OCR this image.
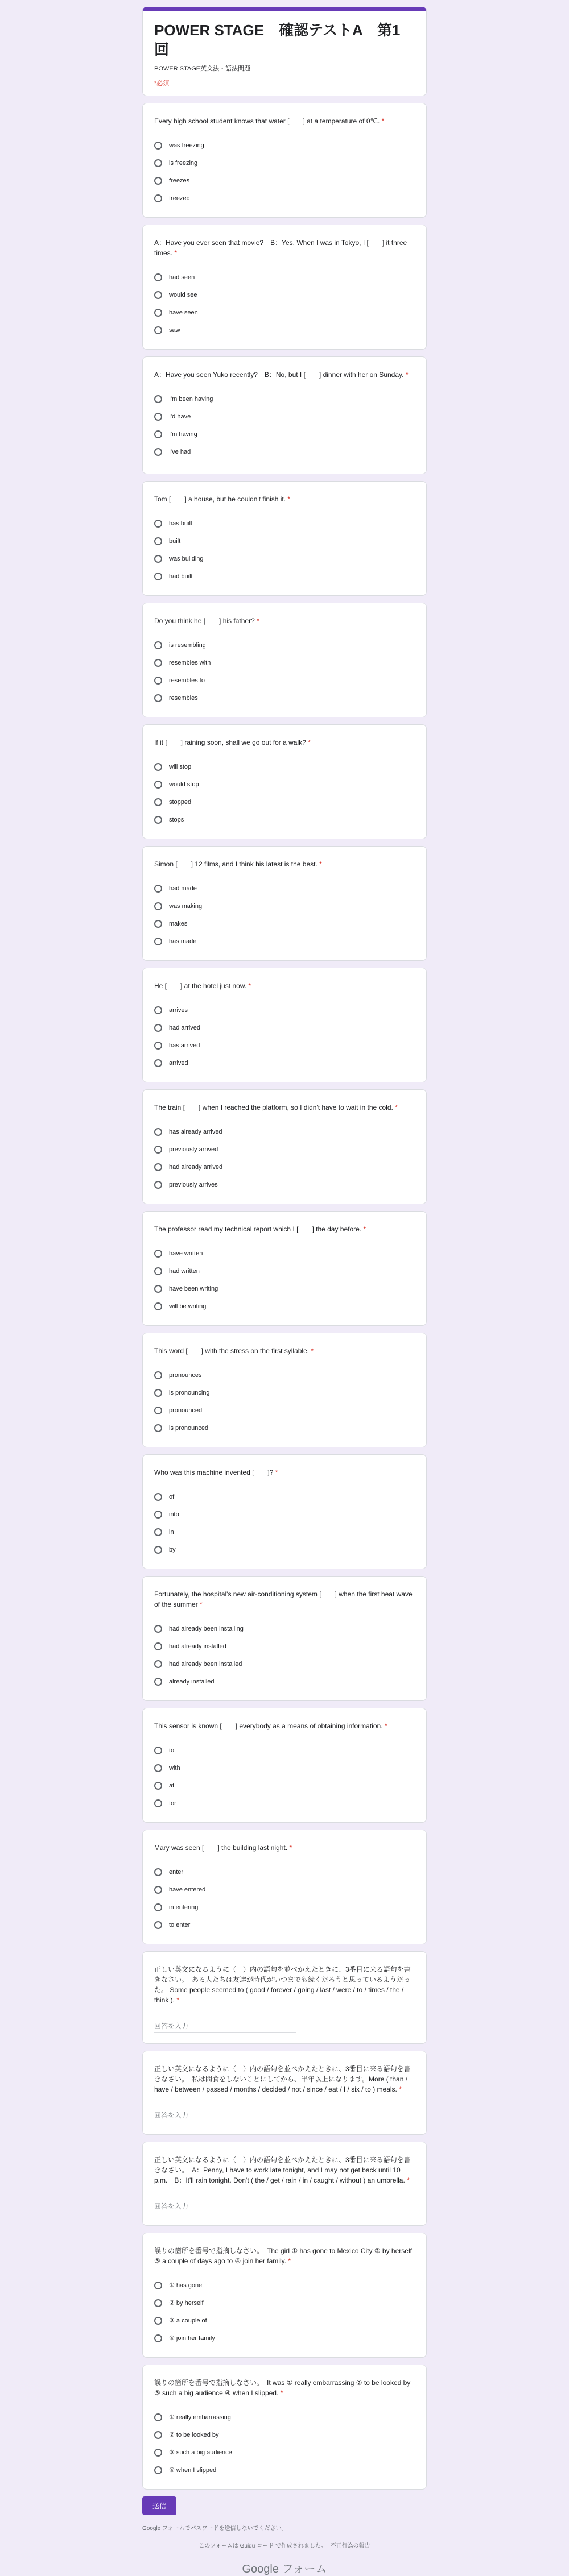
POWER STAGE　確認テストA　第1回
POWER STAGE英文法・語法問題
*必須
Every high school student knows that water [　　] at a temperature of 0℃. *
was freezing
is freezing
freezes
freezed
A：Have you ever seen that movie?　B：Yes. When I was in Tokyo, I [　　] it three times. *
had seen
would see
have seen
saw
A：Have you seen Yuko recently?　B：No, but I [　　] dinner with her on Sunday. *
I'm been having
I'd have
I'm having
I've had
Tom [　　] a house, but he couldn't finish it. *
has built
built
was building
had built
Do you think he [　　] his father? *
is resembling
resembles with
resembles to
resembles
If it [　　] raining soon, shall we go out for a walk? *
will stop
would stop
stopped
stops
Simon [　　] 12 films, and I think his latest is the best. *
had made
was making
makes
has made
He [　　] at the hotel just now. *
arrives
had arrived
has arrived
arrived
The train [　　] when I reached the platform, so I didn't have to wait in the cold. *
has already arrived
previously arrived
had already arrived
previously arrives
The professor read my technical report which I [　　] the day before. *
have written
had written
have been writing
will be writing
This word [　　] with the stress on the first syllable. *
pronounces
is pronouncing
pronounced
is pronounced
Who was this machine invented [　　]? *
of
into
in
by
Fortunately, the hospital's new air-conditioning system [　　] when the first heat wave of the summer *
had already been installing
had already installed
had already been installed
already installed
This sensor is known [　　] everybody as a means of obtaining information. *
to
with
at
for
Mary was seen [　　] the building last night. *
enter
have entered
in entering
to enter
正しい英文になるように（　）内の語句を並べかえたときに、3番目に来る語句を書きなさい。　ある人たちは友達が時代がいつまでも続くだろうと思っているようだった。 Some people seemed to ( good / forever / going / last / were / to / times / the / think ). *
回答を入力
正しい英文になるように（　）内の語句を並べかえたときに、3番目に来る語句を書きなさい。　私は間食をしないことにしてから、半年以上になります。More ( than / have / between / passed / months / decided / not / since / eat / I / six / to ) meals. *
回答を入力
正しい英文になるように（　）内の語句を並べかえたときに、3番目に来る語句を書きなさい。　A：Penny, I have to work late tonight, and I may not get back until 10 p.m.　B：It'll rain tonight. Don't ( the / get / rain / in / caught / without ) an umbrella. *
回答を入力
誤りの箇所を番号で指摘しなさい。　The girl ① has gone to Mexico City ② by herself ③ a couple of days ago to ④ join her family. *
① has gone
② by herself
③ a couple of
④ join her family
誤りの箇所を番号で指摘しなさい。　It was ① really embarrassing ② to be looked by ③ such a big audience ④ when I slipped. *
① really embarrassing
② to be looked by
③ such a big audience
④ when I slipped
送信
Google フォームでパスワードを送信しないでください。
このフォームは Guidu コード で作成されました。 不正行為の報告
Google フォーム
